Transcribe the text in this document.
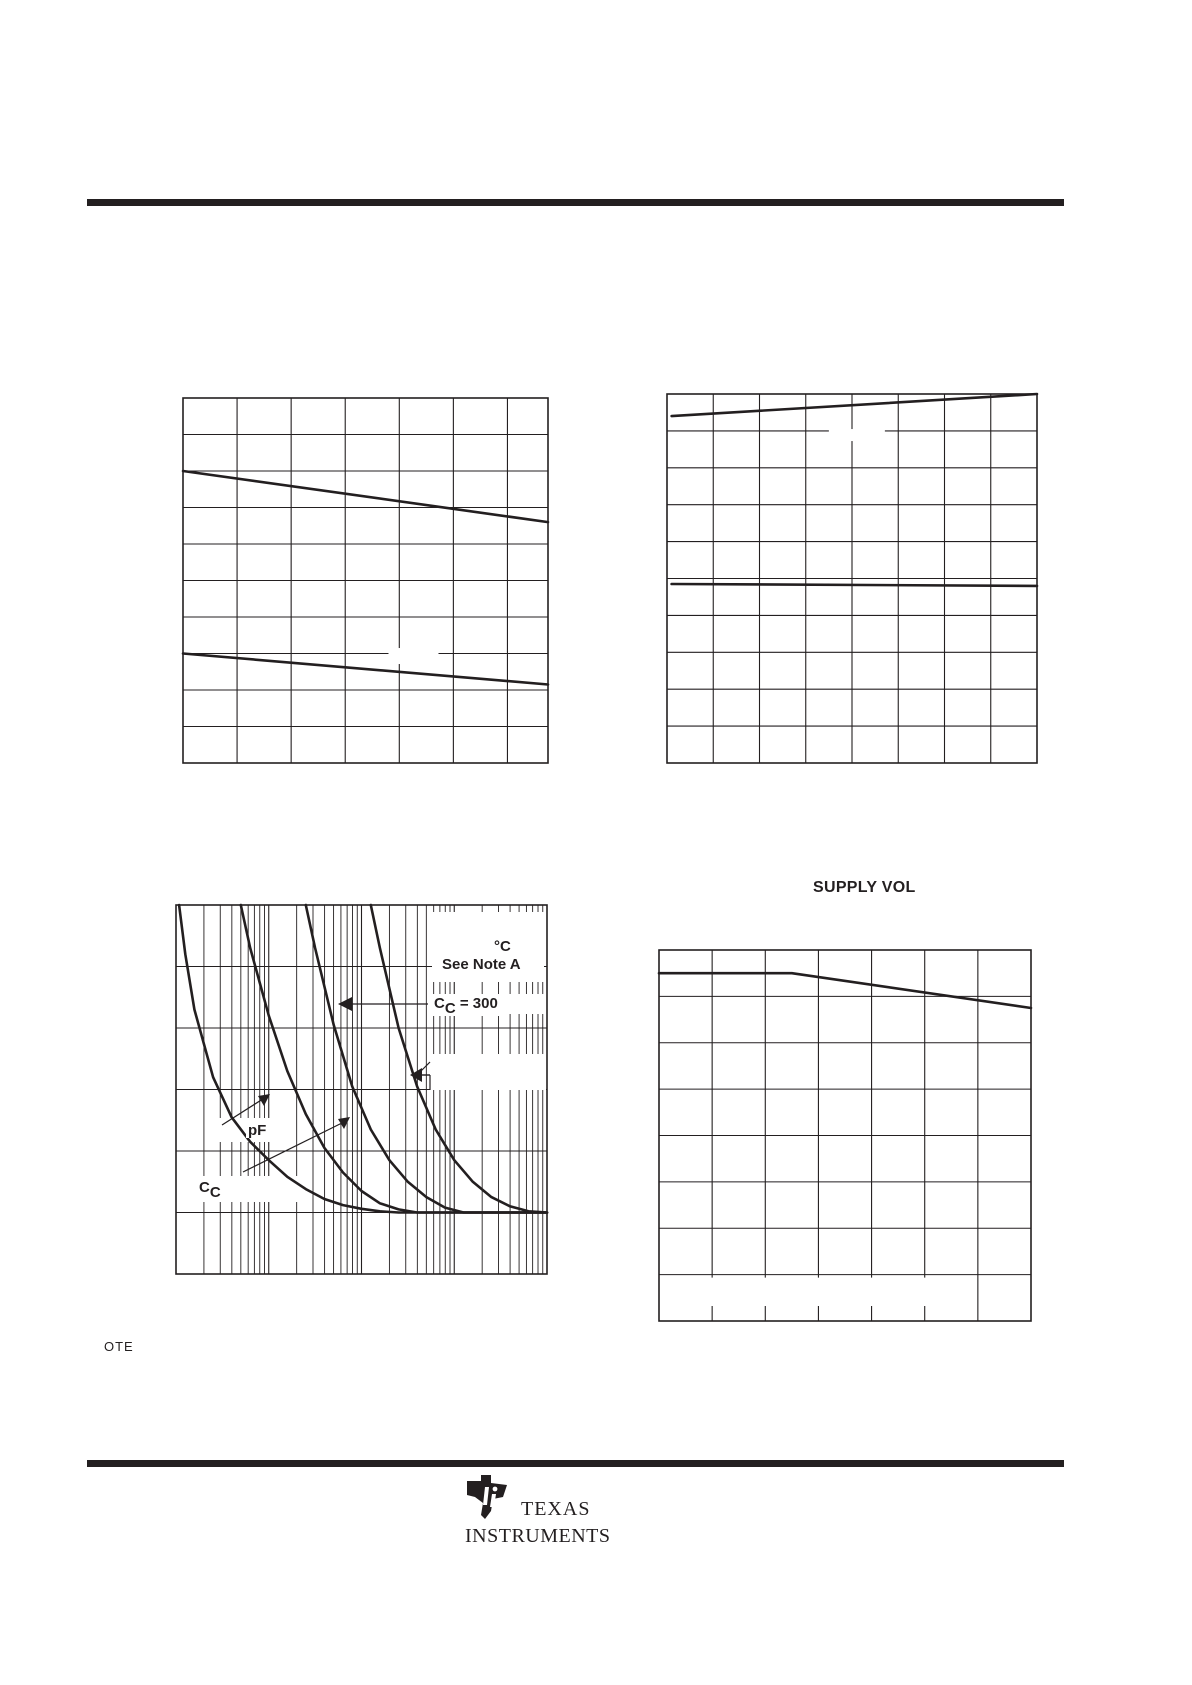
°C
See Note A
$C_C = 300$
pF
$C_C$
SUPPLY VOL
OTE
TEXAS
INSTRUMENTS
